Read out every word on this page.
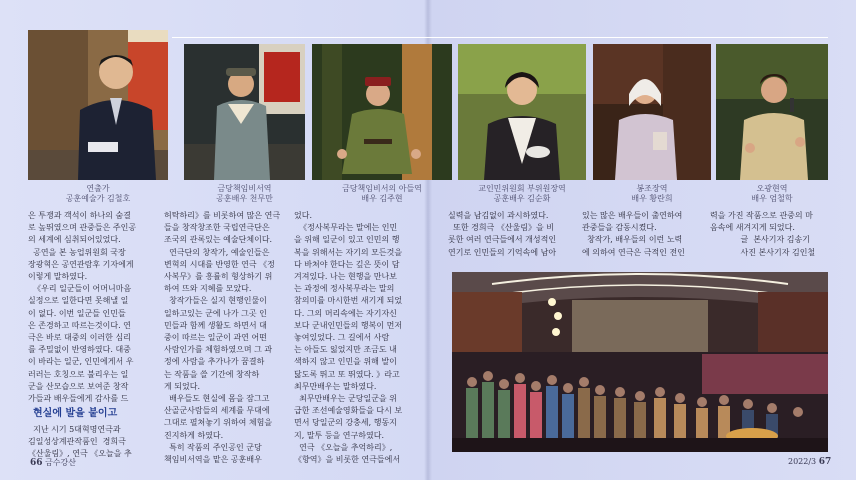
연출가
공훈예술가 김철호
금당책임비서역
공훈배우 천무만
금당책임비서의 아들역
배우 김주현
교인민위원회 부위원장역
공훈배우 김순화
봉조장역
배우 황란희
오광현역
배우 엄철학
은 투쟁과 객석이 하나의 숨결
로 높뛰였으며 관중들은 주인공
의 세계에 심취되어있었다.
공연을 본 농업위원회 국장
장광혁은 공연관람후 기자에게
이렇게 말하였다.
《우리 일군들이 어머니마음
실정으로 일한다면 못해낼 일
이 없다. 이번 일군들 인민들
은 존경하고 따르는것이다. 연
극은 바로 대중의 이러한 심리
를 주밀없이 반영하였다. 대중
이 바라는 일군, 인민에게서 우
러러는 호칭으로 불리우는 일
군을 산모습으로 보여준 창작
가들과 배우들에게 감사를 드

현실에 발을 붙이고
지난 시기 5대혁명연극과
김일성상계관작품인  경희극
《산울림》, 연극 《오늘을 추
허탁하리》를 비롯하여 많은 연극
들을 창작창조한 국립연극단은
조국의 관록있는 예술단체이다.
연극단의 창작가, 예술인들은
변혁의 시대를 반영한 연극 《정
사복무》를 흥률히 형상하기 위
하여 뜨와 지혜를 모았다.
창작가들은 실지 현행인물이
일하고있는 군에 나가 그곳 인
민들과 함께 생활도 하면서 대
중이 따르는 일군이 과연 어떤
사람인가를 체험하였으며 그 과
정에 사람을 추가나가 꿈결하
는 작품을 쓸 기간에 창작하
게 되었다.
배우들도 현실에 몸을 잠그고
산골군사람들의 세계를 무대에
그대로 펼쳐놓기 위하여 체험을
진지하게 하였다.
특히 작품의 주인공인 군당
책임비서역을 맡은 공훈배우

었다.
《정사복무라는 말에는 인민
을 위해 일군이 있고 인민의 행
복을 위해서는 자기의 모든것을
다 바쳐야 한다는 깊은 뜻이 담
겨져있다. 나는 현행을 만나보
는 과정에 정사복무라는 말의
참의미를 마시한번 새기게 되었
다. 그의 머리속에는 자기자신
보다 군내인민들의 행복이 먼저
놓여있었다. 그 길에서 사람
는 아들도 잃었지만 조금도 내
색하지 않고 인민을 위해 발이
닳도록 뛰고 또 뛰였다. 》라고
최무만배우는 말하였다.
최무만배우는 군당일군을 위
급한 조선예술영화들을 다시 보
면서 당일군의 강충세, 행동지
지, 말투 등을 연구하였다.
연극 《오늘을 추억하리》,
《향역》을 비롯한 연극들에서

실력을 남김없이 과시하였다.
또한 경희극 《산울림》을 비
롯한 여러 연극들에서 개성적인
연기로 인민들의 기억속에 남아
있는 많은 배우들이 출연하여
관중들을 감동시켰다.
창작가, 배우들의 이런 노력
에 의하여 연극은 극적인 전인
력을 가진 작품으로 관중의 마
음속에 새겨지게 되었다.
글  본사기자 김송기
사진 본사기자 김인철
66 금수강산	2022/3 67
